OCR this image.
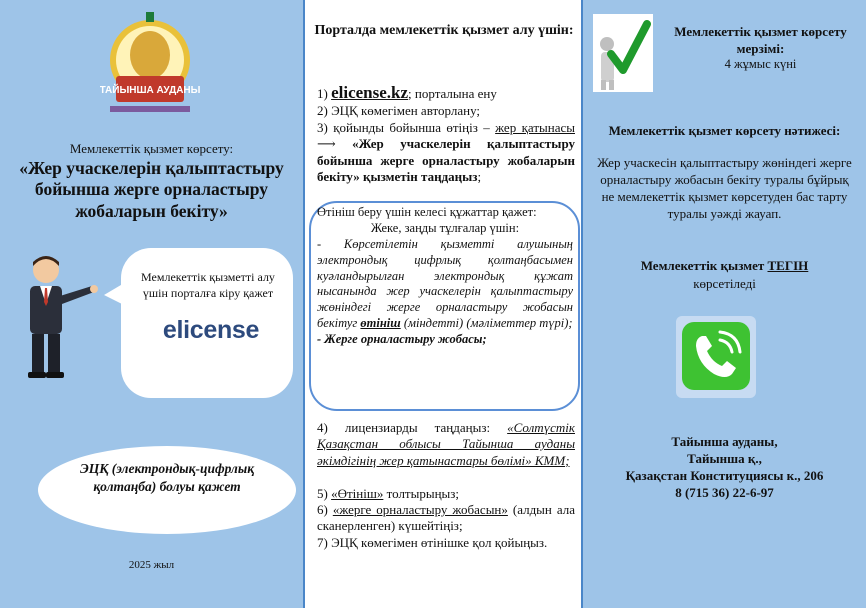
ТАЙЫНША АУДАНЫ
Мемлекеттік қызмет көрсету:
«Жер учаскелерін қалыптастыру бойынша жерге орналастыру жобаларын бекіту»
Мемлекеттік қызметті алу үшін порталға кіру қажет
elicense
ЭЦҚ (электрондық-цифрлық қолтаңба) болуы қажет
2025 жыл
Порталда мемлекеттік қызмет алу үшін:
1) elicense.kz; порталына ену
2) ЭЦҚ көмегімен авторлану;
3) қойынды бойынша өтіңіз – жер қатынасы ⟶ «Жер учаскелерін қалыптастыру бойынша жерге орналастыру жобаларын бекіту» қызметін таңдаңыз;
Өтініш беру үшін келесі құжаттар қажет:
Жеке, заңды тұлғалар үшін:
- Көрсетілетін қызметті алушының электрондық цифрлық қолтаңбасымен куәландырылған электрондық құжат нысанында жер учаскелерін қалыптастыру жөніндегі жерге орналастыру жобасын бекітуг өтініш (міндетті) (мәліметтер түрі);
- Жерге орналастыру жобасы;
4) лицензиарды таңдаңыз: «Солтүстік Қазақстан облысы Тайынша ауданы әкімдігінің жер қатынастары бөлімі» КММ;
5) «Өтініш» толтырыңыз;
6) «жерге орналастыру жобасын» (алдын ала сканерленген) күшейтіңіз;
7) ЭЦҚ көмегімен өтінішке қол қойыңыз.
Мемлекеттік қызмет көрсету мерзімі:
4 жұмыс күні
Мемлекеттік қызмет көрсету нәтижесі:
Жер учаскесін қалыптастыру жөніндегі жерге орналастыру жобасын бекіту туралы бұйрық не мемлекеттік қызмет көрсетуден бас тарту туралы уәжді жауап.
Мемлекеттік қызмет ТЕГІН
көрсетіледі
Тайынша ауданы,
Тайынша қ.,
Қазақстан Конституциясы к., 206
8 (715 36) 22-6-97
